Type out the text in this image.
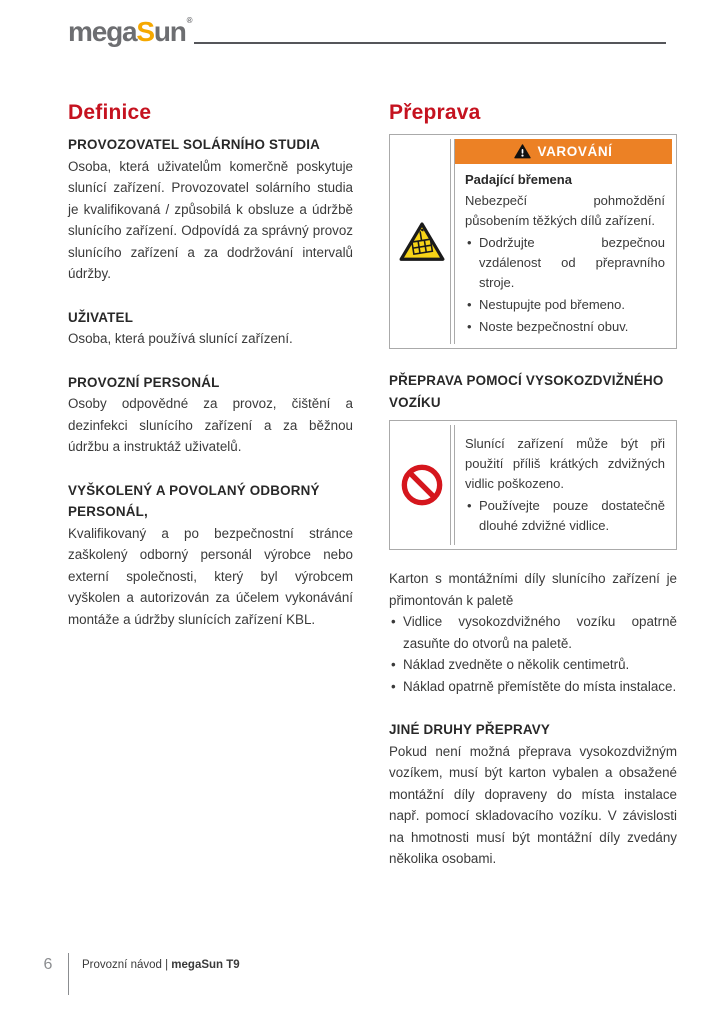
megaSun®
Definice
PROVOZOVATEL SOLÁRNÍHO STUDIA

Osoba, která uživatelům komerčně poskytuje slunící zařízení. Provozovatel solárního studia je kvalifikovaná / způsobilá k obsluze a údržbě slunícího zařízení. Odpovídá za správný provoz slunícího zařízení a za dodržování intervalů údržby.

UŽIVATEL

Osoba, která používá slunící zařízení.

PROVOZNÍ PERSONÁL

Osoby odpovědné za provoz, čištění a dezinfekci slunícího zařízení a za běžnou údržbu a instruktáž uživatelů.

VYŠKOLENÝ A POVOLANÝ ODBORNÝ PERSONÁL,

Kvalifikovaný a po bezpečnostní stránce zaškolený odborný personál výrobce nebo externí společnosti, který byl výrobcem vyškolen a autorizován za účelem vykonávání montáže a údržby slunících zařízení KBL.

Přeprava
VAROVÁNÍ
Padající břemena

Nebezpečí pohmoždění působením těžkých dílů zařízení.

• Dodržujte bezpečnou vzdálenost od přepravního stroje.
• Nestupujte pod břemeno.
• Noste bezpečnostní obuv.
PŘEPRAVA POMOCÍ VYSOKOZDVIŽNÉHO VOZÍKU

Slunící zařízení může být při použití příliš krátkých zdvižných vidlic poškozeno.

• Používejte pouze dostatečně dlouhé zdvižné vidlice.

Karton s montážními díly slunícího zařízení je přimontován k paletě

• Vidlice vysokozdvižného vozíku opatrně zasuňte do otvorů na paletě.
• Náklad zvedněte o několik centimetrů.
• Náklad opatrně přemístěte do místa instalace.
JINÉ DRUHY PŘEPRAVY

Pokud není možná přeprava vysokozdvižným vozíkem, musí být karton vybalen a obsažené montážní díly dopraveny do místa instalace např. pomocí skladovacího vozíku. V závislosti na hmotnosti musí být montážní díly zvedány několika osobami.

6	Provozní návod | megaSun T9
